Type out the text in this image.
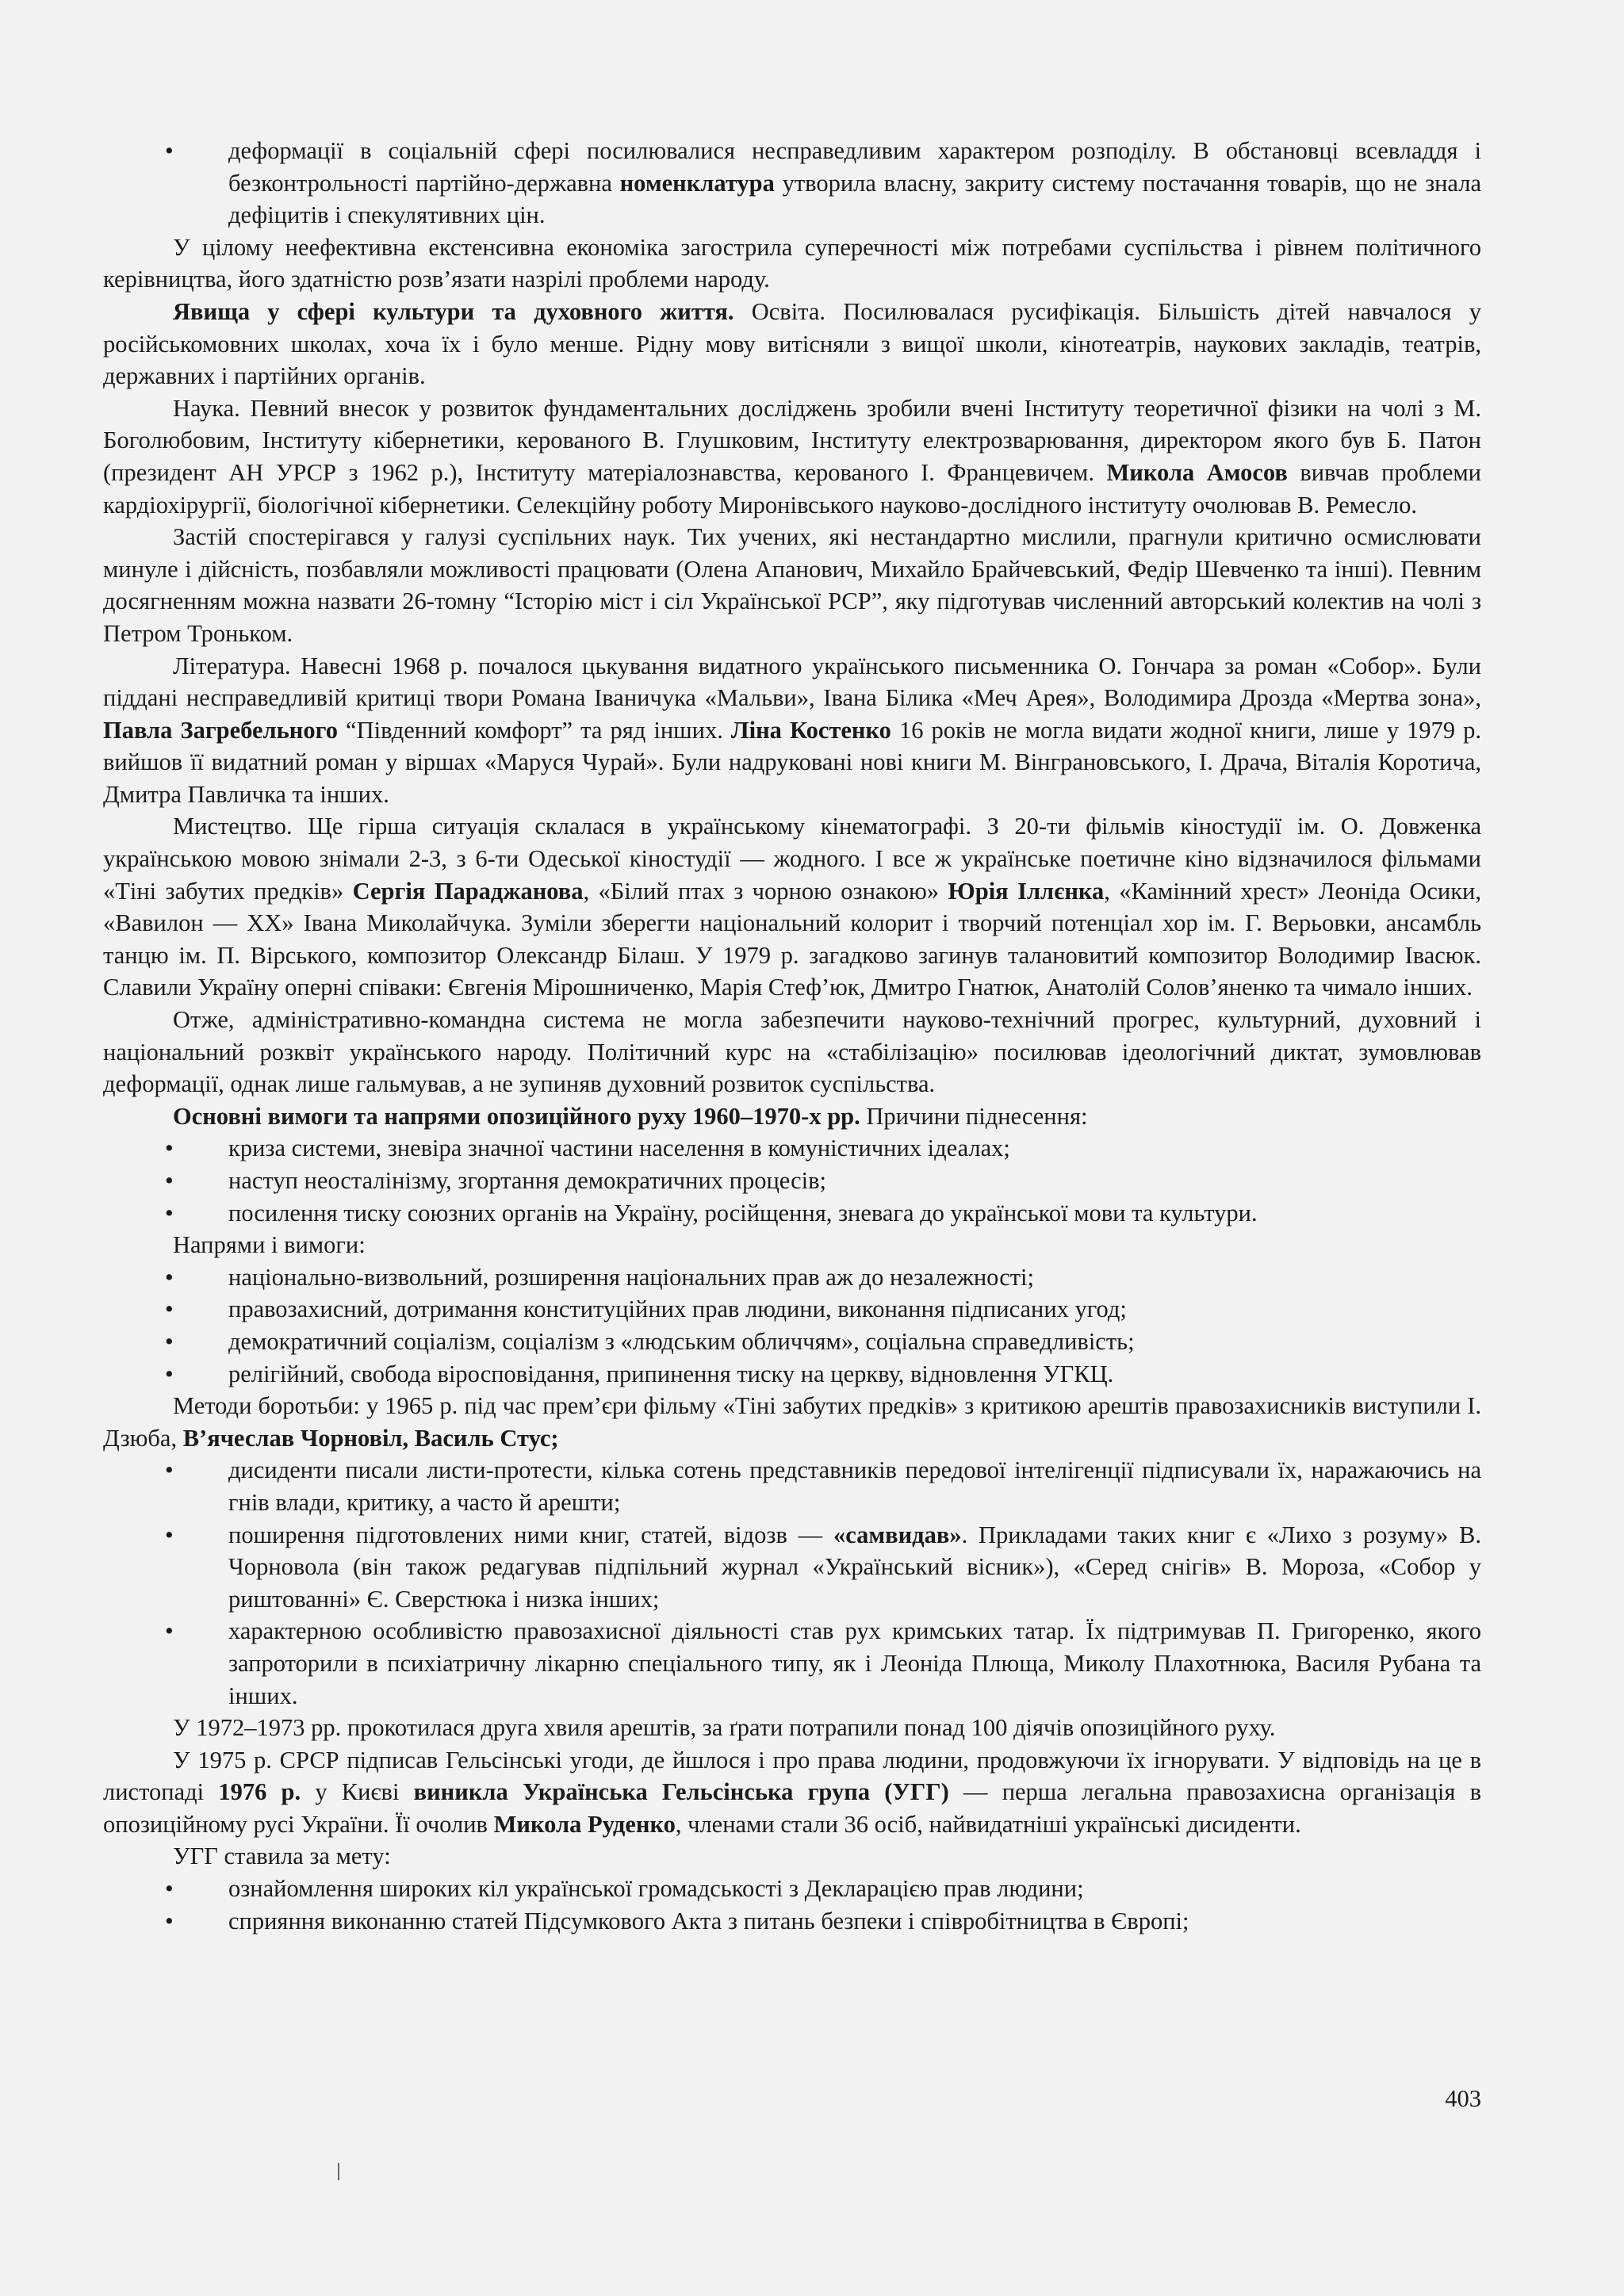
• деформації в соціальній сфері посилювалися несправедливим характером розподілу. В обстановці всевладдя і безконтрольності партійно-державна номенклатура утворила власну, закриту систему постачання товарів, що не знала дефіцитів і спекулятивних цін.

У цілому неефективна екстенсивна економіка загострила суперечності між потребами суспільства і рівнем політичного керівництва, його здатністю розв’язати назрілі проблеми народу.

Явища у сфері культури та духовного життя. Освіта. Посилювалася русифікація. Більшість дітей навчалося у російськомовних школах, хоча їх і було менше. Рідну мову витісняли з вищої школи, кінотеатрів, наукових закладів, театрів, державних і партійних органів.

Наука. Певний внесок у розвиток фундаментальних досліджень зробили вчені Інституту теоретичної фізики на чолі з М. Боголюбовим, Інституту кібернетики, керованого В. Глушковим, Інституту електрозварювання, директором якого був Б. Патон (президент АН УРСР з 1962 р.), Інституту матеріалознавства, керованого І. Францевичем. Микола Амосов вивчав проблеми кардіохірургії, біологічної кібернетики. Селекційну роботу Миронівського науково-дослідного інституту очолював В. Ремесло.

Застій спостерігався у галузі суспільних наук. Тих учених, які нестандартно мислили, прагнули критично осмислювати минуле і дійсність, позбавляли можливості працювати (Олена Апанович, Михайло Брайчевський, Федір Шевченко та інші). Певним досягненням можна назвати 26-томну “Історію міст і сіл Української РСР”, яку підготував численний авторський колектив на чолі з Петром Троньком.

Література. Навесні 1968 р. почалося цькування видатного українського письменника О. Гончара за роман «Собор». Були піддані несправедливій критиці твори Романа Іваничука «Мальви», Івана Білика «Меч Арея», Володимира Дрозда «Мертва зона», Павла Загребельного “Південний комфорт” та ряд інших. Ліна Костенко 16 років не могла видати жодної книги, лише у 1979 р. вийшов її видатний роман у віршах «Маруся Чурай». Були надруковані нові книги М. Вінграновського, І. Драча, Віталія Коротича, Дмитра Павличка та інших.

Мистецтво. Ще гірша ситуація склалася в українському кінематографі. З 20-ти фільмів кіностудії ім. О. Довженка українською мовою знімали 2-3, з 6-ти Одеської кіностудії — жодного. І все ж українське поетичне кіно відзначилося фільмами «Тіні забутих предків» Сергія Параджанова, «Білий птах з чорною ознакою» Юрія Іллєнка, «Камінний хрест» Леоніда Осики, «Вавилон — XX» Івана Миколайчука. Зуміли зберегти національний колорит і творчий потенціал хор ім. Г. Верьовки, ансамбль танцю ім. П. Вірського, композитор Олександр Білаш. У 1979 р. загадково загинув талановитий композитор Володимир Івасюк. Славили Україну оперні співаки: Євгенія Мірошниченко, Марія Стеф’юк, Дмитро Гнатюк, Анатолій Солов’яненко та чимало інших.

Отже, адміністративно-командна система не могла забезпечити науково-технічний прогрес, культурний, духовний і національний розквіт українського народу. Політичний курс на «стабілізацію» посилював ідеологічний диктат, зумовлював деформації, однак лише гальмував, а не зупиняв духовний розвиток суспільства.

Основні вимоги та напрями опозиційного руху 1960–1970-х рр. Причини піднесення:

• криза системи, зневіра значної частини населення в комуністичних ідеалах;
• наступ неосталінізму, згортання демократичних процесів;
• посилення тиску союзних органів на Україну, російщення, зневага до української мови та культури.

Напрями і вимоги:

• національно-визвольний, розширення національних прав аж до незалежності;
• правозахисний, дотримання конституційних прав людини, виконання підписаних угод;
• демократичний соціалізм, соціалізм з «людським обличчям», соціальна справедливість;
• релігійний, свобода віросповідання, припинення тиску на церкву, відновлення УГКЦ.

Методи боротьби: у 1965 р. під час прем’єри фільму «Тіні забутих предків» з критикою арештів правозахисників виступили І. Дзюба, В’ячеслав Чорновіл, Василь Стус;

• дисиденти писали листи-протести, кілька сотень представників передової інтелігенції підписували їх, наражаючись на гнів влади, критику, а часто й арешти;
• поширення підготовлених ними книг, статей, відозв — «самвидав». Прикладами таких книг є «Лихо з розуму» В. Чорновола (він також редагував підпільний журнал «Український вісник»), «Серед снігів» В. Мороза, «Собор у риштованні» Є. Сверстюка і низка інших;
• характерною особливістю правозахисної діяльності став рух кримських татар. Їх підтримував П. Григоренко, якого запроторили в психіатричну лікарню спеціального типу, як і Леоніда Плюща, Миколу Плахотнюка, Василя Рубана та інших.

У 1972–1973 рр. прокотилася друга хвиля арештів, за ґрати потрапили понад 100 діячів опозиційного руху.

У 1975 р. СРСР підписав Гельсінські угоди, де йшлося і про права людини, продовжуючи їх ігнорувати. У відповідь на це в листопаді 1976 р. у Києві виникла Українська Гельсінська група (УГГ) — перша легальна правозахисна організація в опозиційному русі України. Її очолив Микола Руденко, членами стали 36 осіб, найвидатніші українські дисиденти.

УГГ ставила за мету:

• ознайомлення широких кіл української громадськості з Декларацією прав людини;
• сприяння виконанню статей Підсумкового Акта з питань безпеки і співробітництва в Європі;
403
